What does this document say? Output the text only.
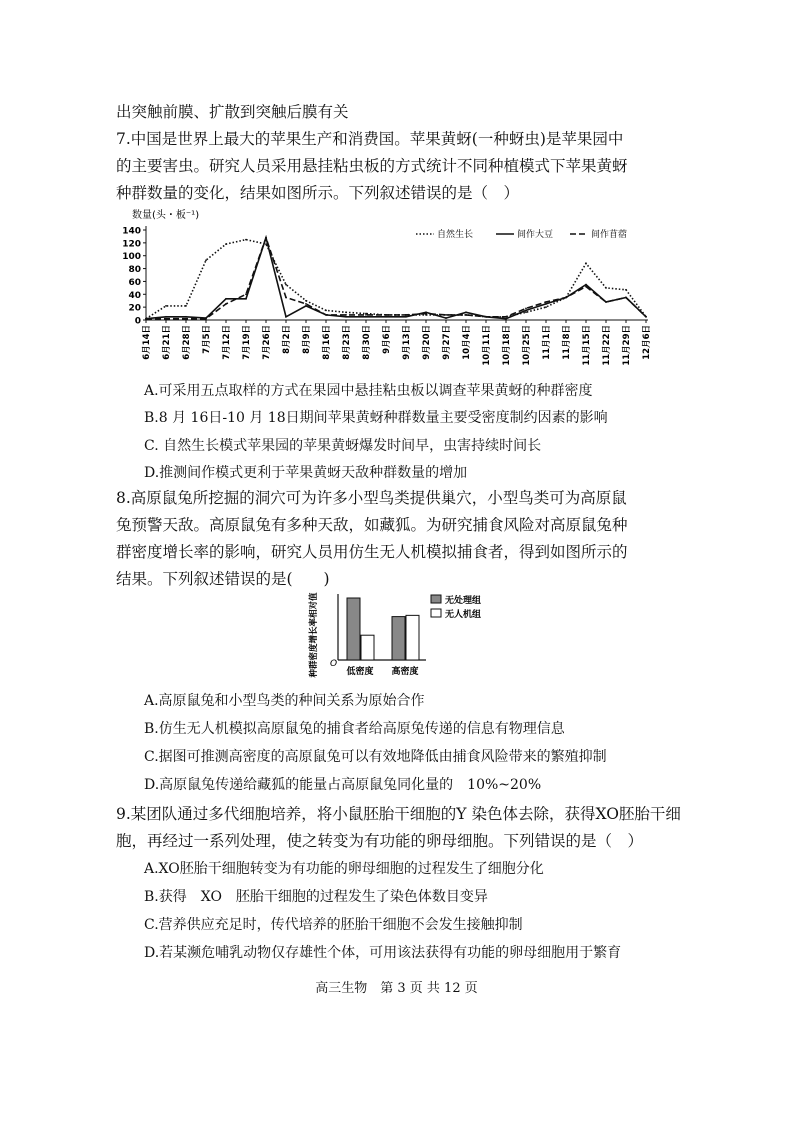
出突触前膜、扩散到突触后膜有关
7.中国是世界上最大的苹果生产和消费国。苹果黄蚜(一种蚜虫)是苹果园中
的主要害虫。研究人员采用悬挂粘虫板的方式统计不同种植模式下苹果黄蚜
种群数量的变化，结果如图所示。下列叙述错误的是（　）
数量(头・板⁻¹)
0
20
40
60
80
100
120
140
6月14日 6月21日 6月28日 7月5日 7月12日 7月19日 7月26日 8月2日 8月9日 8月16日 8月23日 8月30日 9月6日 9月13日 9月20日 9月27日 10月4日 10月11日 10月18日 10月25日 11月1日 11月8日 11月15日 11月22日 11月29日 12月6日
自然生长	间作大豆	间作苜蓿
A.可采用五点取样的方式在果园中悬挂粘虫板以调查苹果黄蚜的种群密度
B.8 月 16日-10 月 18日期间苹果黄蚜种群数量主要受密度制约因素的影响
C. 自然生长模式苹果园的苹果黄蚜爆发时间早，虫害持续时间长
D.推测间作模式更利于苹果黄蚜天敌种群数量的增加
8.高原鼠兔所挖掘的洞穴可为许多小型鸟类提供巢穴，小型鸟类可为高原鼠
兔预警天敌。高原鼠兔有多种天敌，如藏狐。为研究捕食风险对高原鼠兔种
群密度增长率的影响，研究人员用仿生无人机模拟捕食者，得到如图所示的
结果。下列叙述错误的是(　　)
种群密度增长率相对值 O
低密度 高密度
无处理组
无人机组
A.高原鼠兔和小型鸟类的种间关系为原始合作
B.仿生无人机模拟高原鼠兔的捕食者给高原兔传递的信息有物理信息
C.据图可推测高密度的高原鼠兔可以有效地降低由捕食风险带来的繁殖抑制
D.高原鼠兔传递给藏狐的能量占高原鼠兔同化量的　10%~20%
9.某团队通过多代细胞培养，将小鼠胚胎干细胞的Y 染色体去除，获得XO胚胎干细
胞，再经过一系列处理，使之转变为有功能的卵母细胞。下列错误的是（　）
A.XO胚胎干细胞转变为有功能的卵母细胞的过程发生了细胞分化
B.获得　XO　胚胎干细胞的过程发生了染色体数目变异
C.营养供应充足时，传代培养的胚胎干细胞不会发生接触抑制
D.若某濒危哺乳动物仅存雄性个体，可用该法获得有功能的卵母细胞用于繁育
高三生物　第 3 页 共 12 页
